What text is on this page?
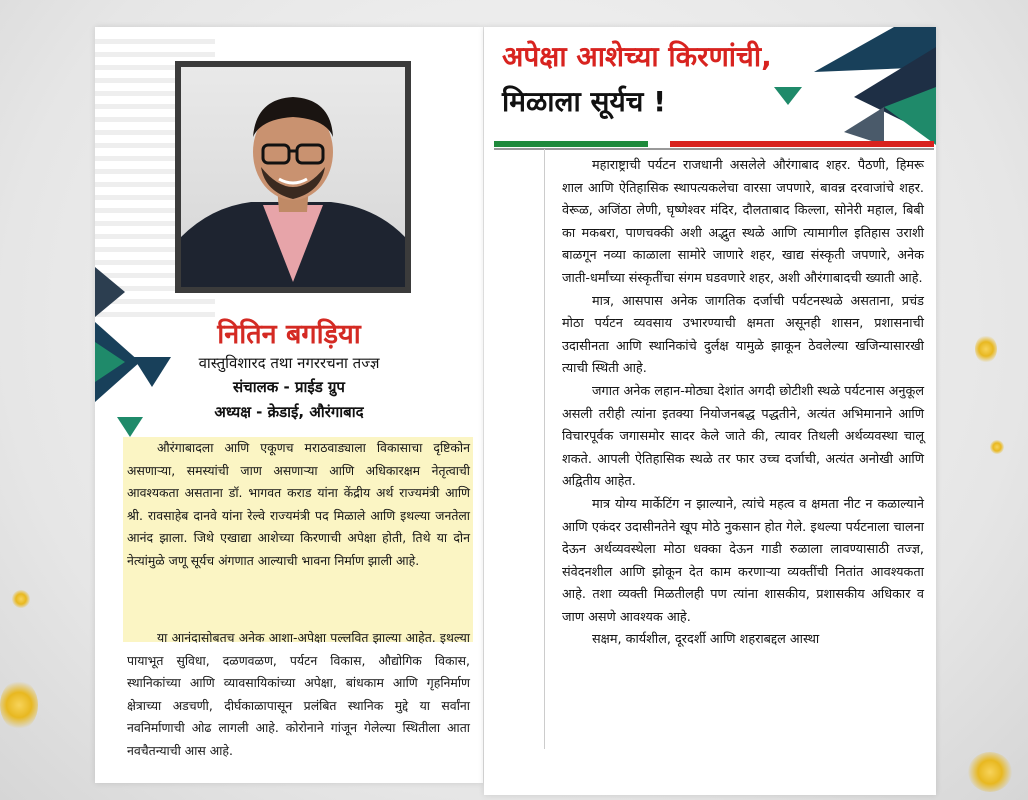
नितिन बगड़िया
वास्तुविशारद तथा नगररचना तज्ज्ञ
संचालक - प्राईड ग्रुप
अध्यक्ष - क्रेडाई, औरंगाबाद

औरंगाबादला आणि एकूणच मराठवाड्याला विकासाचा दृष्टिकोन असणाऱ्या, समस्यांची जाण असणाऱ्या आणि अधिकारक्षम नेतृत्वाची आवश्यकता असताना डॉ. भागवत कराड यांना केंद्रीय अर्थ राज्यमंत्री आणि श्री. रावसाहेब दानवे यांना रेल्वे राज्यमंत्री पद मिळाले आणि इथल्या जनतेला आनंद झाला. जिथे एखाद्या आशेच्या किरणाची अपेक्षा होती, तिथे या दोन नेत्यांमुळे जणू सूर्यच अंगणात आल्याची भावना निर्माण झाली आहे.

या आनंदासोबतच अनेक आशा-अपेक्षा पल्लवित झाल्या आहेत. इथल्या पायाभूत सुविधा, दळणवळण, पर्यटन विकास, औद्योगिक विकास, स्थानिकांच्या आणि व्यावसायिकांच्या अपेक्षा, बांधकाम आणि गृहनिर्माण क्षेत्राच्या अडचणी, दीर्घकाळापासून प्रलंबित स्थानिक मुद्दे या सर्वांना नवनिर्माणाची ओढ लागली आहे. कोरोनाने गांजून गेलेल्या स्थितीला आता नवचैतन्याची आस आहे.

अपेक्षा आशेच्या किरणांची,
मिळाला सूर्यच !

महाराष्ट्राची पर्यटन राजधानी असलेले औरंगाबाद शहर. पैठणी, हिमरू शाल आणि ऐतिहासिक स्थापत्यकलेचा वारसा जपणारे, बावन्न दरवाजांचे शहर. वेरूळ, अजिंठा लेणी, घृष्णेश्वर मंदिर, दौलताबाद किल्ला, सोनेरी महाल, बिबी का मकबरा, पाणचक्की अशी अद्भुत स्थळे आणि त्यामागील इतिहास उराशी बाळगून नव्या काळाला सामोरे जाणारे शहर, खाद्य संस्कृती जपणारे, अनेक जाती-धर्मांच्या संस्कृतींचा संगम घडवणारे शहर, अशी औरंगाबादची ख्याती आहे.

मात्र, आसपास अनेक जागतिक दर्जाची पर्यटनस्थळे असताना, प्रचंड मोठा पर्यटन व्यवसाय उभारण्याची क्षमता असूनही शासन, प्रशासनाची उदासीनता आणि स्थानिकांचे दुर्लक्ष यामुळे झाकून ठेवलेल्या खजिन्यासारखी त्याची स्थिती आहे.

जगात अनेक लहान-मोठ्या देशांत अगदी छोटीशी स्थळे पर्यटनास अनुकूल असली तरीही त्यांना इतक्या नियोजनबद्ध पद्धतीने, अत्यंत अभिमानाने आणि विचारपूर्वक जगासमोर सादर केले जाते की, त्यावर तिथली अर्थव्यवस्था चालू शकते. आपली ऐतिहासिक स्थळे तर फार उच्च दर्जाची, अत्यंत अनोखी आणि अद्वितीय आहेत.

मात्र योग्य मार्केटिंग न झाल्याने, त्यांचे महत्व व क्षमता नीट न कळाल्याने आणि एकंदर उदासीनतेने खूप मोठे नुकसान होत गेले. इथल्या पर्यटनाला चालना देऊन अर्थव्यवस्थेला मोठा धक्का देऊन गाडी रुळाला लावण्यासाठी तज्ज्ञ, संवेदनशील आणि झोकून देत काम करणाऱ्या व्यक्तींची नितांत आवश्यकता आहे. तशा व्यक्ती मिळतीलही पण त्यांना शासकीय, प्रशासकीय अधिकार व जाण असणे आवश्यक आहे.

सक्षम, कार्यशील, दूरदर्शी आणि शहराबद्दल आस्था
